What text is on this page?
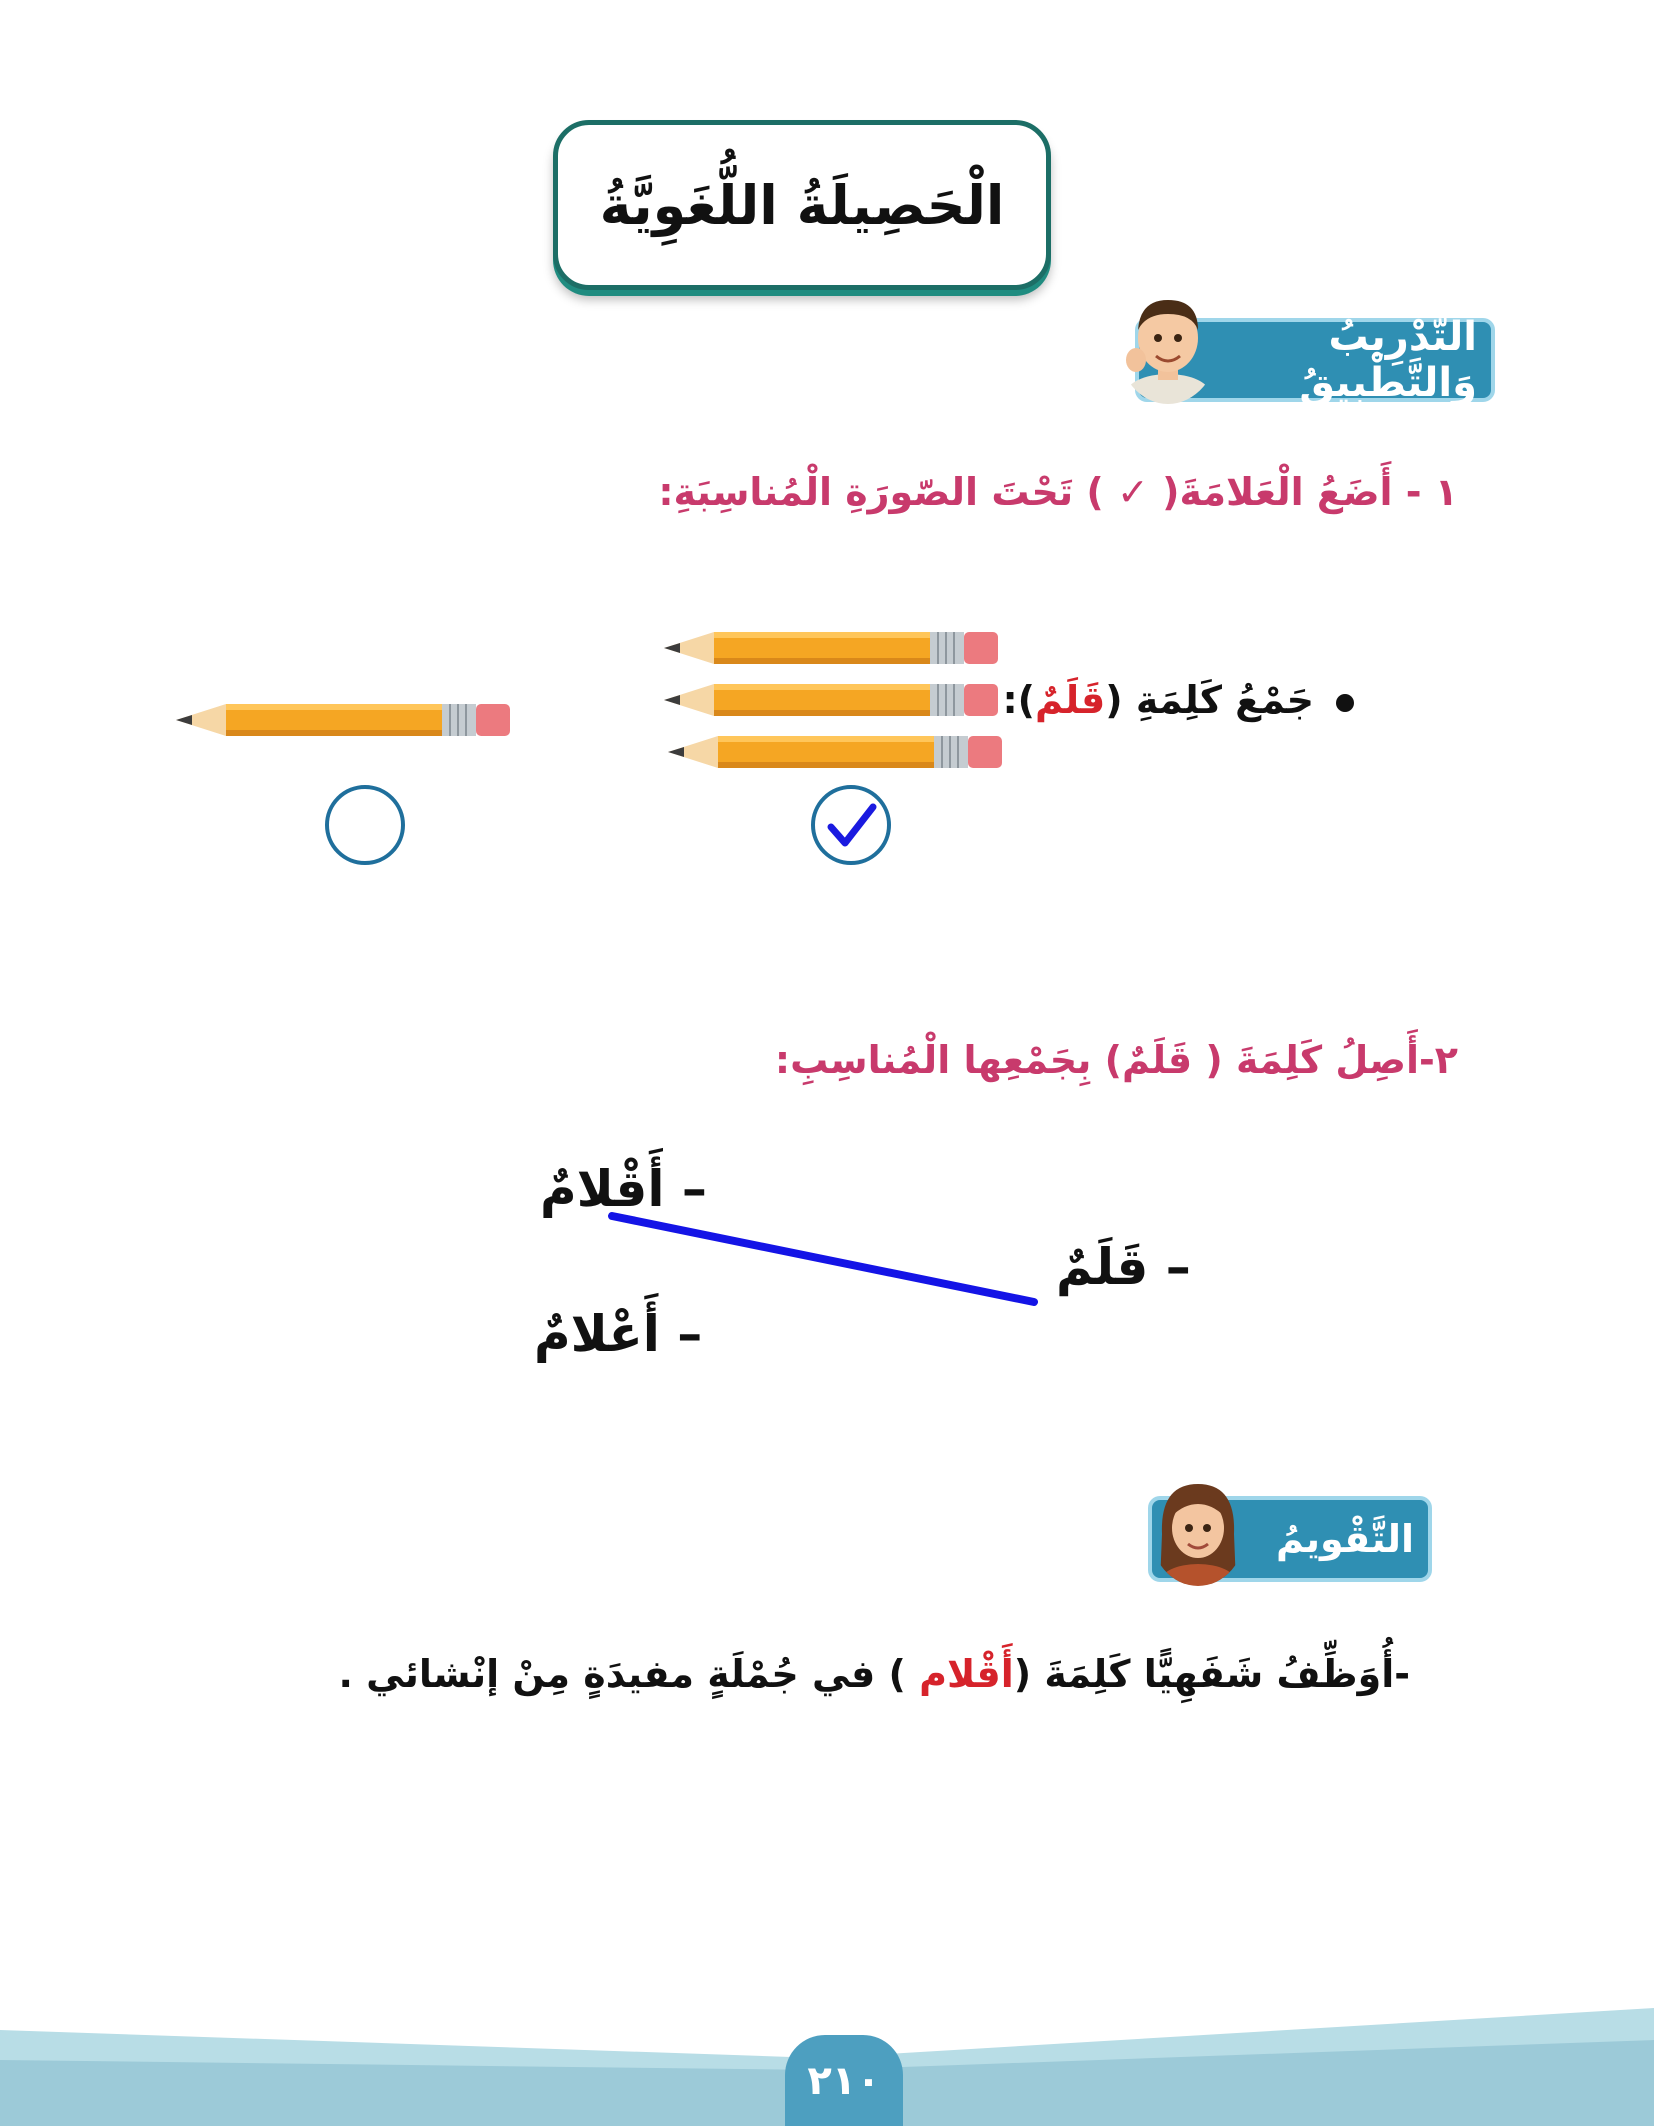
الْحَصِيلَةُ اللُّغَوِيَّةُ
التَّدْرِيبُ وَالتَّطْبِيقُ
١ - أَضَعُ الْعَلامَةَ( ✓ ) تَحْتَ الصّورَةِ الْمُناسِبَةِ:
جَمْعُ كَلِمَةِ (قَلَمٌ):
٢-أَصِلُ كَلِمَةَ ( قَلَمٌ) بِجَمْعِها الْمُناسِبِ:
– أَقْلامٌ
– أَعْلامٌ
– قَلَمٌ
التَّقْويمُ
-أُوَظِّفُ شَفَهِيًّا كَلِمَةَ (أَقْلام ) في جُمْلَةٍ مفيدَةٍ مِنْ إنْشائي .
٢١٠
